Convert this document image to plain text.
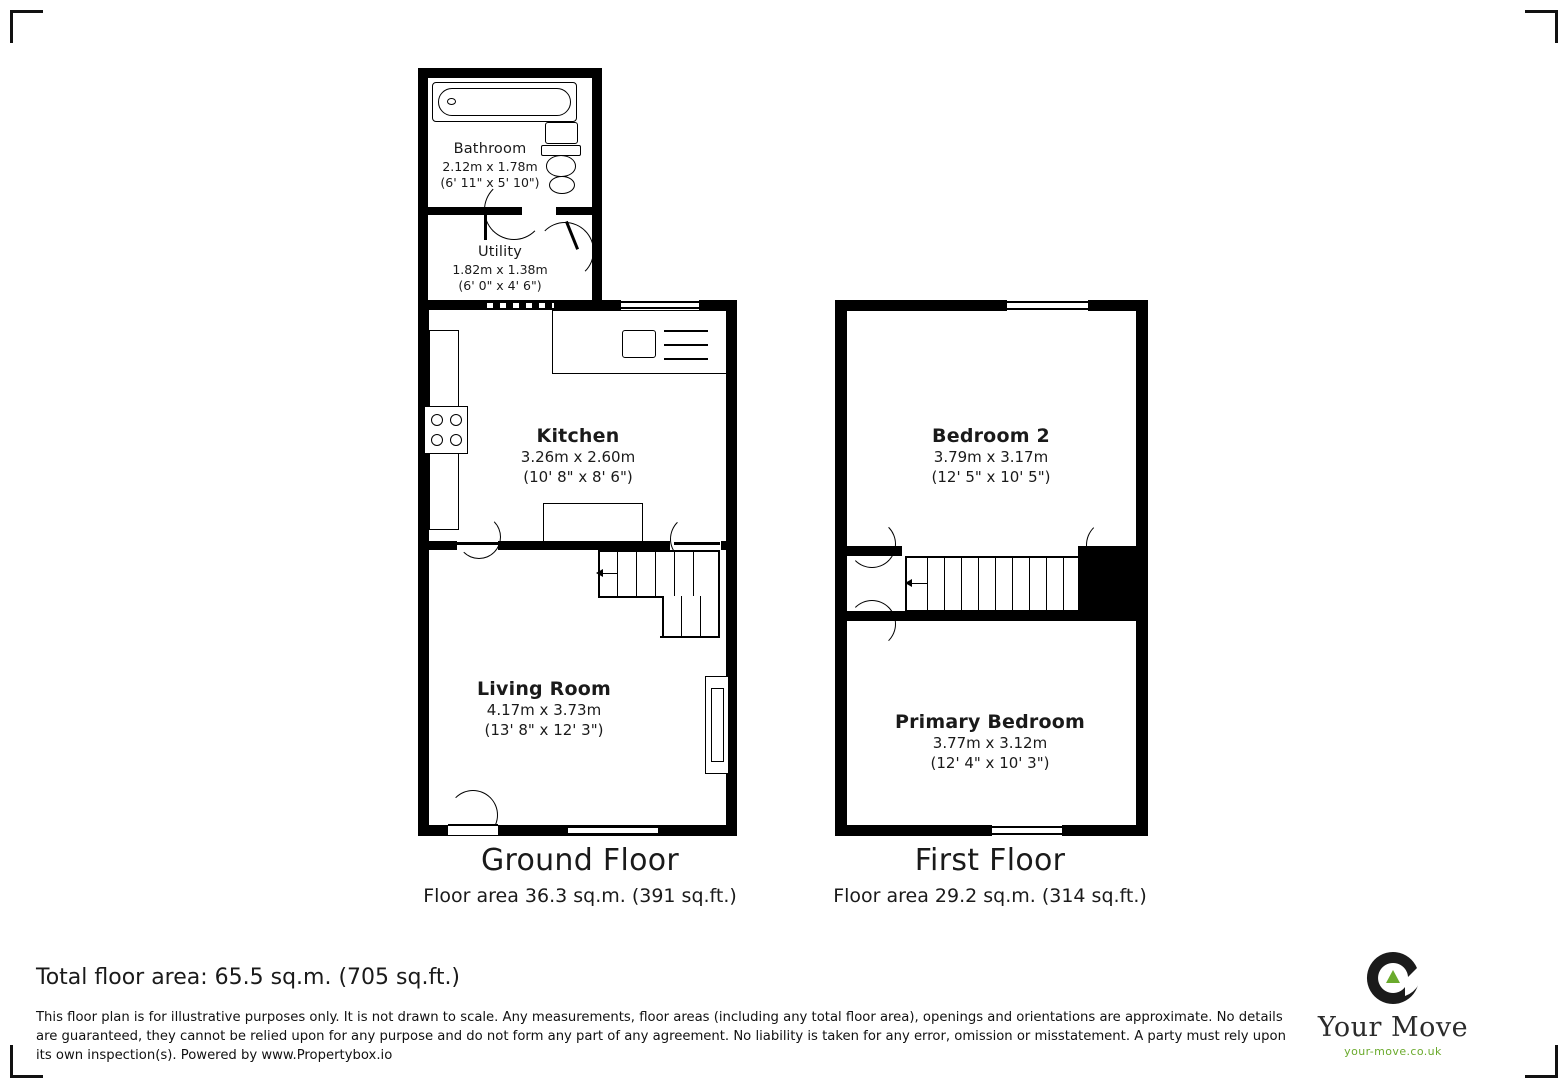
Bathroom
2.12m x 1.78m
(6' 11" x 5' 10")
Utility
1.82m x 1.38m
(6' 0" x 4' 6")
Kitchen
3.26m x 2.60m
(10' 8" x 8' 6")
Living Room
4.17m x 3.73m
(13' 8" x 12' 3")
Ground Floor
Floor area 36.3 sq.m. (391 sq.ft.)
Bedroom 2
3.79m x 3.17m
(12' 5" x 10' 5")
Primary Bedroom
3.77m x 3.12m
(12' 4" x 10' 3")
First Floor
Floor area 29.2 sq.m. (314 sq.ft.)
Total floor area: 65.5 sq.m. (705 sq.ft.)
This floor plan is for illustrative purposes only. It is not drawn to scale. Any measurements, floor areas (including any total floor area), openings and orientations are approximate. No details are guaranteed, they cannot be relied upon for any purpose and do not form any part of any agreement. No liability is taken for any error, omission or misstatement. A party must rely upon its own inspection(s). Powered by www.Propertybox.io
Your Move
your-move.co.uk
